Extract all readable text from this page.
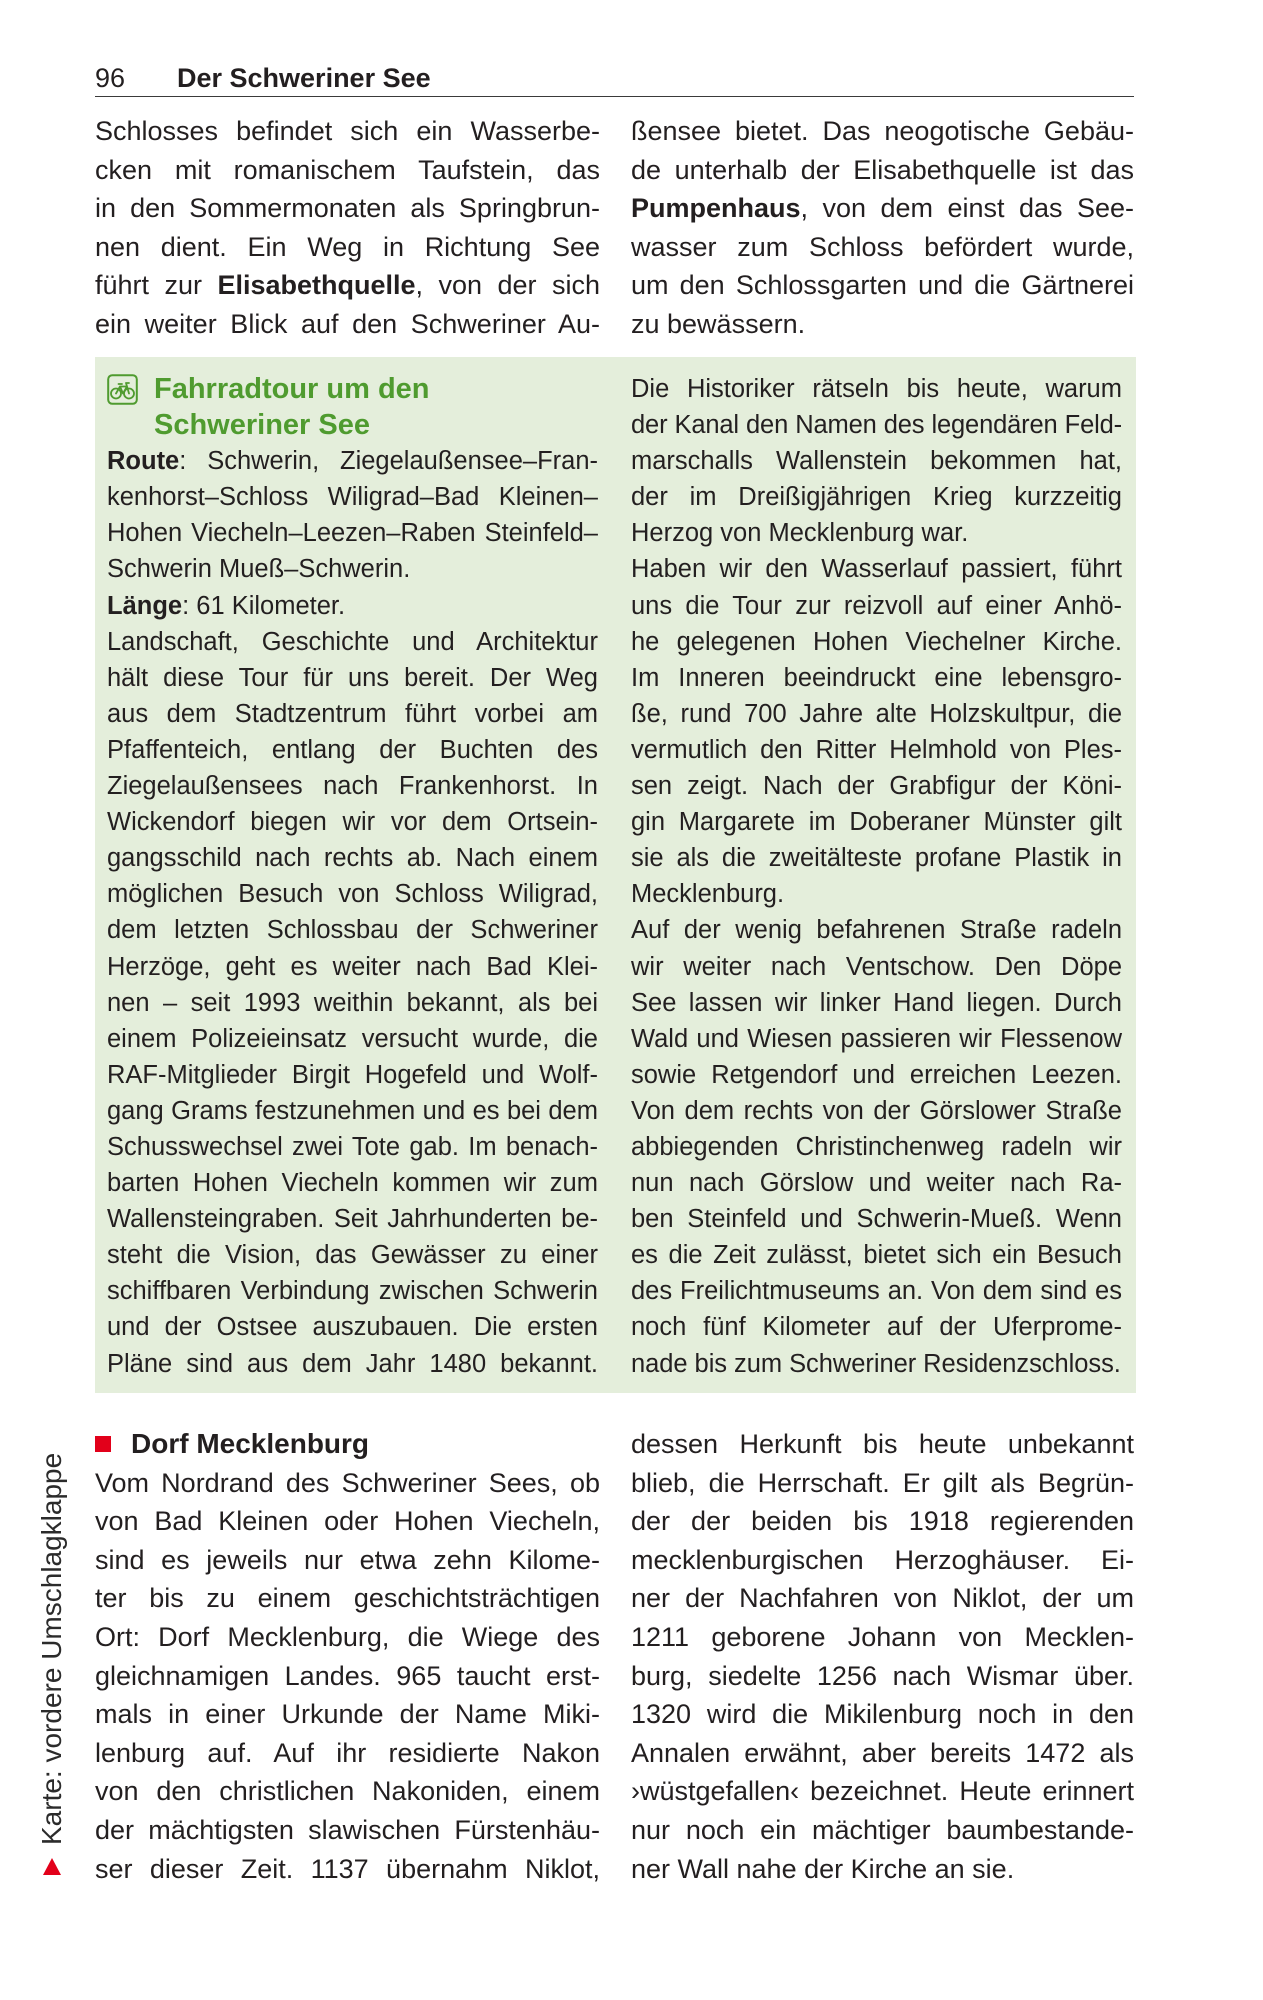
96 Der Schweriner See
Schlosses befindet sich ein Wasserbe-
cken mit romanischem Taufstein, das
in den Sommermonaten als Springbrun-
nen dient. Ein Weg in Richtung See
führt zur Elisabethquelle, von der sich
ein weiter Blick auf den Schweriner Au-
ßensee bietet. Das neogotische Gebäu-
de unterhalb der Elisabethquelle ist das
Pumpenhaus, von dem einst das See-
wasser zum Schloss befördert wurde,
um den Schlossgarten und die Gärtnerei
zu bewässern.
Fahrradtour um den
Schweriner See
Route: Schwerin, Ziegelaußensee–Fran-
kenhorst–Schloss Wiligrad–Bad Kleinen–
Hohen Viecheln–Leezen–Raben Steinfeld–
Schwerin Mueß–Schwerin.
Länge: 61 Kilometer.
Landschaft, Geschichte und Architektur
hält diese Tour für uns bereit. Der Weg
aus dem Stadtzentrum führt vorbei am
Pfaffenteich, entlang der Buchten des
Ziegelaußensees nach Frankenhorst. In
Wickendorf biegen wir vor dem Ortsein-
gangsschild nach rechts ab. Nach einem
möglichen Besuch von Schloss Wiligrad,
dem letzten Schlossbau der Schweriner
Herzöge, geht es weiter nach Bad Klei-
nen – seit 1993 weithin bekannt, als bei
einem Polizeieinsatz versucht wurde, die
RAF-Mitglieder Birgit Hogefeld und Wolf-
gang Grams festzunehmen und es bei dem
Schusswechsel zwei Tote gab. Im benach-
barten Hohen Viecheln kommen wir zum
Wallensteingraben. Seit Jahrhunderten be-
steht die Vision, das Gewässer zu einer
schiffbaren Verbindung zwischen Schwerin
und der Ostsee auszubauen. Die ersten
Pläne sind aus dem Jahr 1480 bekannt.
Die Historiker rätseln bis heute, warum
der Kanal den Namen des legendären Feld-
marschalls Wallenstein bekommen hat,
der im Dreißigjährigen Krieg kurzzeitig
Herzog von Mecklenburg war.
Haben wir den Wasserlauf passiert, führt
uns die Tour zur reizvoll auf einer Anhö-
he gelegenen Hohen Viechelner Kirche.
Im Inneren beeindruckt eine lebensgro-
ße, rund 700 Jahre alte Holzskultpur, die
vermutlich den Ritter Helmhold von Ples-
sen zeigt. Nach der Grabfigur der Köni-
gin Margarete im Doberaner Münster gilt
sie als die zweitälteste profane Plastik in
Mecklenburg.
Auf der wenig befahrenen Straße radeln
wir weiter nach Ventschow. Den Döpe
See lassen wir linker Hand liegen. Durch
Wald und Wiesen passieren wir Flessenow
sowie Retgendorf und erreichen Leezen.
Von dem rechts von der Görslower Straße
abbiegenden Christinchenweg radeln wir
nun nach Görslow und weiter nach Ra-
ben Steinfeld und Schwerin-Mueß. Wenn
es die Zeit zulässt, bietet sich ein Besuch
des Freilichtmuseums an. Von dem sind es
noch fünf Kilometer auf der Uferprome-
nade bis zum Schweriner Residenzschloss.
Dorf Mecklenburg
Vom Nordrand des Schweriner Sees, ob
von Bad Kleinen oder Hohen Viecheln,
sind es jeweils nur etwa zehn Kilome-
ter bis zu einem geschichtsträchtigen
Ort: Dorf Mecklenburg, die Wiege des
gleichnamigen Landes. 965 taucht erst-
mals in einer Urkunde der Name Miki-
lenburg auf. Auf ihr residierte Nakon
von den christlichen Nakoniden, einem
der mächtigsten slawischen Fürstenhäu-
ser dieser Zeit. 1137 übernahm Niklot,
dessen Herkunft bis heute unbekannt
blieb, die Herrschaft. Er gilt als Begrün-
der der beiden bis 1918 regierenden
mecklenburgischen Herzoghäuser. Ei-
ner der Nachfahren von Niklot, der um
1211 geborene Johann von Mecklen-
burg, siedelte 1256 nach Wismar über.
1320 wird die Mikilenburg noch in den
Annalen erwähnt, aber bereits 1472 als
›wüstgefallen‹ bezeichnet. Heute erinnert
nur noch ein mächtiger baumbestande-
ner Wall nahe der Kirche an sie.
Karte: vordere Umschlagklappe
